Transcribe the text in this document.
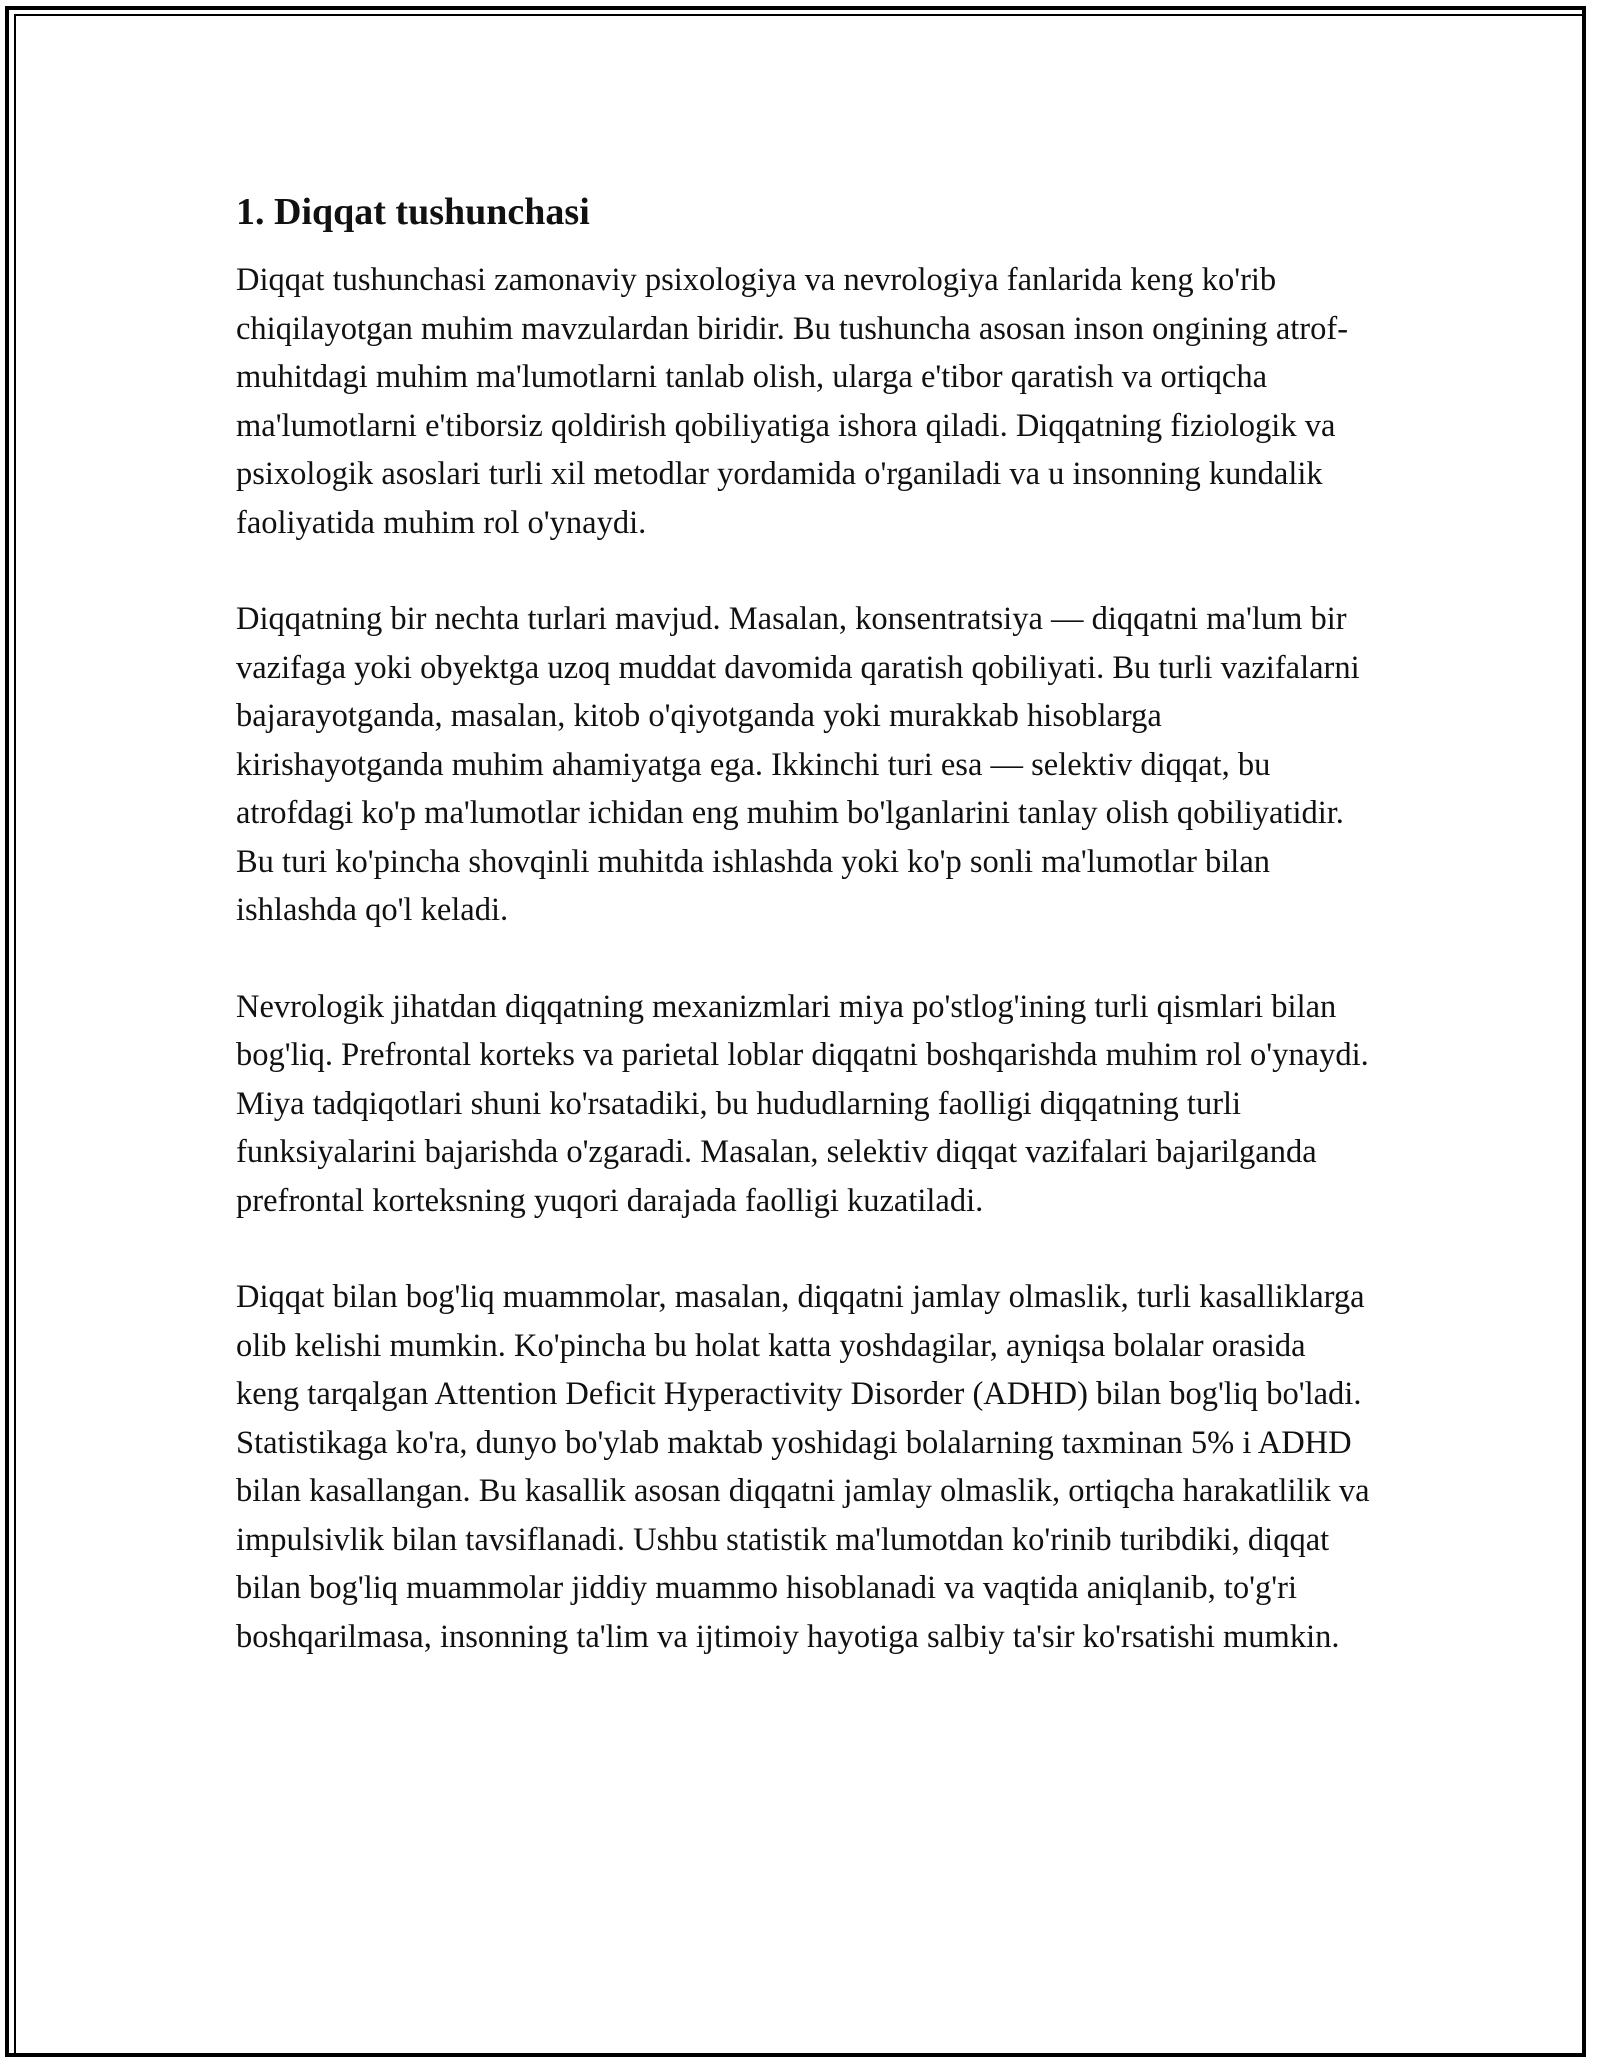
1. Diqqat tushunchasi

Diqqat tushunchasi zamonaviy psixologiya va nevrologiya fanlarida keng ko'rib chiqilayotgan muhim mavzulardan biridir. Bu tushuncha asosan inson ongining atrof-muhitdagi muhim ma'lumotlarni tanlab olish, ularga e'tibor qaratish va ortiqcha ma'lumotlarni e'tiborsiz qoldirish qobiliyatiga ishora qiladi. Diqqatning fiziologik va psixologik asoslari turli xil metodlar yordamida o'rganiladi va u insonning kundalik faoliyatida muhim rol o'ynaydi.

Diqqatning bir nechta turlari mavjud. Masalan, konsentratsiya — diqqatni ma'lum bir vazifaga yoki obyektga uzoq muddat davomida qaratish qobiliyati. Bu turli vazifalarni bajarayotganda, masalan, kitob o'qiyotganda yoki murakkab hisoblarga kirishayotganda muhim ahamiyatga ega. Ikkinchi turi esa — selektiv diqqat, bu atrofdagi ko'p ma'lumotlar ichidan eng muhim bo'lganlarini tanlay olish qobiliyatidir. Bu turi ko'pincha shovqinli muhitda ishlashda yoki ko'p sonli ma'lumotlar bilan ishlashda qo'l keladi.

Nevrologik jihatdan diqqatning mexanizmlari miya po'stlog'ining turli qismlari bilan bog'liq. Prefrontal korteks va parietal loblar diqqatni boshqarishda muhim rol o'ynaydi. Miya tadqiqotlari shuni ko'rsatadiki, bu hududlarning faolligi diqqatning turli funksiyalarini bajarishda o'zgaradi. Masalan, selektiv diqqat vazifalari bajarilganda prefrontal korteksning yuqori darajada faolligi kuzatiladi.

Diqqat bilan bog'liq muammolar, masalan, diqqatni jamlay olmaslik, turli kasalliklarga olib kelishi mumkin. Ko'pincha bu holat katta yoshdagilar, ayniqsa bolalar orasida keng tarqalgan Attention Deficit Hyperactivity Disorder (ADHD) bilan bog'liq bo'ladi. Statistikaga ko'ra, dunyo bo'ylab maktab yoshidagi bolalarning taxminan 5% i ADHD bilan kasallangan. Bu kasallik asosan diqqatni jamlay olmaslik, ortiqcha harakatlilik va impulsivlik bilan tavsiflanadi. Ushbu statistik ma'lumotdan ko'rinib turibdiki, diqqat bilan bog'liq muammolar jiddiy muammo hisoblanadi va vaqtida aniqlanib, to'g'ri boshqarilmasa, insonning ta'lim va ijtimoiy hayotiga salbiy ta'sir ko'rsatishi mumkin.
